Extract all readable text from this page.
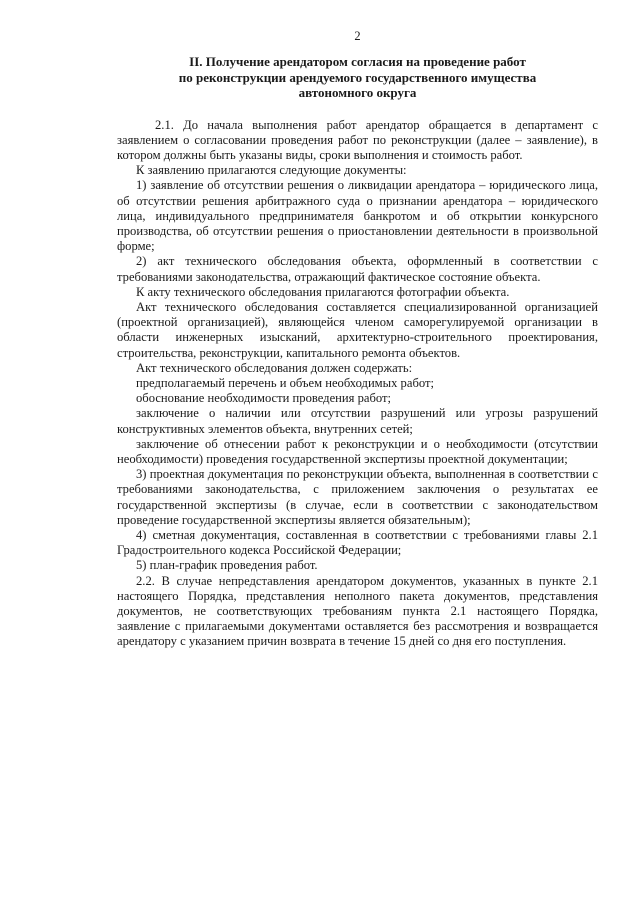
2
II. Получение арендатором согласия на проведение работ
по реконструкции арендуемого государственного имущества
автономного округа

2.1. До начала выполнения работ арендатор обращается в департамент с заявлением о согласовании проведения работ по реконструкции (далее – заявление), в котором должны быть указаны виды, сроки выполнения и стоимость работ.

К заявлению прилагаются следующие документы:

1) заявление об отсутствии решения о ликвидации арендатора – юридического лица, об отсутствии решения арбитражного суда о признании арендатора – юридического лица, индивидуального предпринимателя банкротом и об открытии конкурсного производства, об отсутствии решения о приостановлении деятельности в произвольной форме;

2) акт технического обследования объекта, оформленный в соответствии с требованиями законодательства, отражающий фактическое состояние объекта.

К акту технического обследования прилагаются фотографии объекта.

Акт технического обследования составляется специализированной организацией (проектной организацией), являющейся членом саморегулируемой организации в области инженерных изысканий, архитектурно-строительного проектирования, строительства, реконструкции, капитального ремонта объектов.

Акт технического обследования должен содержать:

предполагаемый перечень и объем необходимых работ;

обоснование необходимости проведения работ;

заключение о наличии или отсутствии разрушений или угрозы разрушений конструктивных элементов объекта, внутренних сетей;

заключение об отнесении работ к реконструкции и о необходимости (отсутствии необходимости) проведения государственной экспертизы проектной документации;

3) проектная документация по реконструкции объекта, выполненная в соответствии с требованиями законодательства, с приложением заключения о результатах ее государственной экспертизы (в случае, если в соответствии с законодательством проведение государственной экспертизы является обязательным);

4) сметная документация, составленная в соответствии с требованиями главы 2.1 Градостроительного кодекса Российской Федерации;

5) план-график проведения работ.

2.2. В случае непредставления арендатором документов, указанных в пункте 2.1 настоящего Порядка, представления неполного пакета документов, представления документов, не соответствующих требованиям пункта 2.1 настоящего Порядка, заявление с прилагаемыми документами оставляется без рассмотрения и возвращается арендатору с указанием причин возврата в течение 15 дней со дня его поступления.
